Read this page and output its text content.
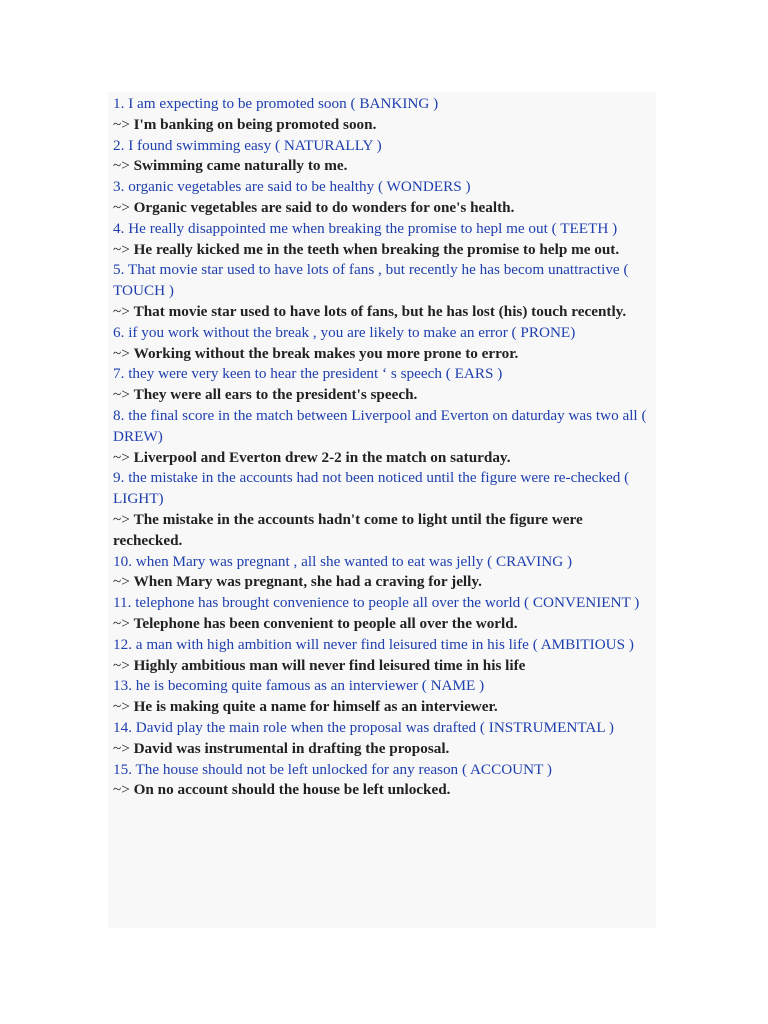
1. I am expecting to be promoted soon ( BANKING )
~> I'm banking on being promoted soon.
2. I found swimming easy ( NATURALLY )
~> Swimming came naturally to me.
3. organic vegetables are said to be healthy ( WONDERS )
~> Organic vegetables are said to do wonders for one's health.
4. He really disappointed me when breaking the promise to hepl me out ( TEETH )
~> He really kicked me in the teeth when breaking the promise to help me out.
5. That movie star used to have lots of fans , but recently he has becom unattractive ( TOUCH )
~> That movie star used to have lots of fans, but he has lost (his) touch recently.
6. if you work without the break , you are likely to make an error ( PRONE)
~> Working without the break makes you more prone to error.
7. they were very keen to hear the president ‘ s speech ( EARS )
~> They were all ears to the president's speech.
8. the final score in the match between Liverpool and Everton on daturday was two all ( DREW)
~> Liverpool and Everton drew 2-2 in the match on saturday.
9. the mistake in the accounts had not been noticed until the figure were re-checked ( LIGHT)
~> The mistake in the accounts hadn't come to light until the figure were rechecked.
10. when Mary was pregnant , all she wanted to eat was jelly ( CRAVING )
~> When Mary was pregnant, she had a craving for jelly.
11. telephone has brought convenience to people all over the world ( CONVENIENT )
~> Telephone has been convenient to people all over the world.
12. a man with high ambition will never find leisured time in his life ( AMBITIOUS )
~> Highly ambitious man will never find leisured time in his life
13. he is becoming quite famous as an interviewer ( NAME )
~> He is making quite a name for himself as an interviewer.
14. David play the main role when the proposal was drafted ( INSTRUMENTAL )
~> David was instrumental in drafting the proposal.
15. The house should not be left unlocked for any reason ( ACCOUNT )
~> On no account should the house be left unlocked.
